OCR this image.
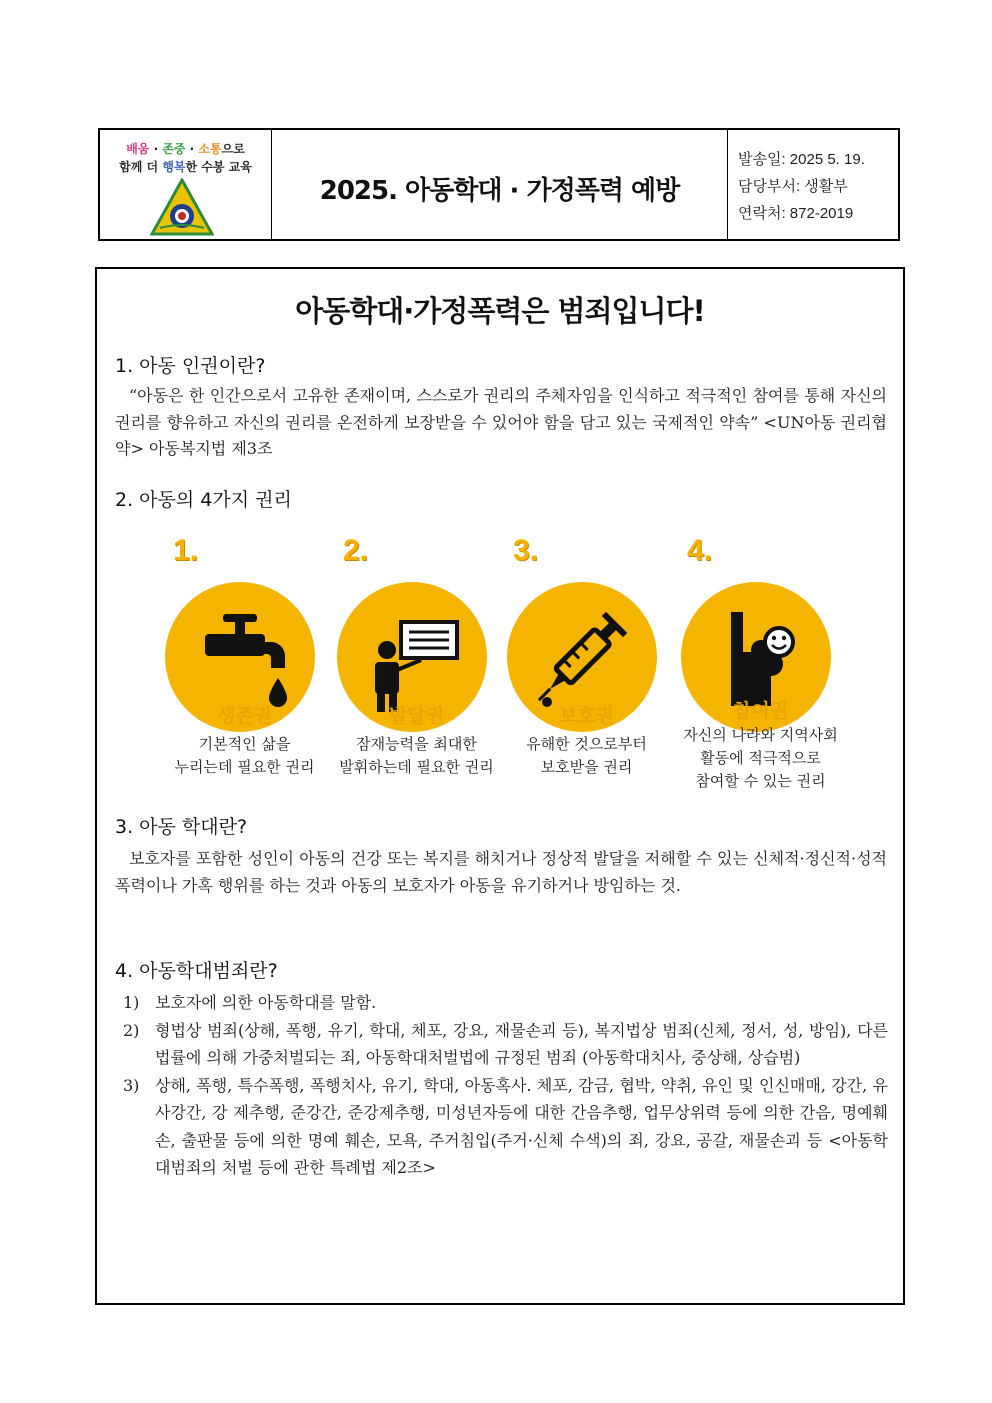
배움 · 존중 · 소통으로
함께 더 행복한 수봉 교육
2025. 아동학대 · 가정폭력 예방
발송일: 2025 5. 19.
담당부서: 생활부
연락처: 872-2019
아동학대·가정폭력은 범죄입니다!
1. 아동 인권이란?
“아동은 한 인간으로서 고유한 존재이며, 스스로가 권리의 주체자임을 인식하고 적극적인 참여를 통해 자신의 권리를 향유하고 자신의 권리를 온전하게 보장받을 수 있어야 함을 담고 있는 국제적인 약속” <UN아동 권리협약> 아동복지법 제3조
2. 아동의 4가지 권리
1.
생존권
기본적인 삶을
누리는데 필요한 권리
2.
발달권
잠재능력을 최대한
발휘하는데 필요한 권리
3.
보호권
유해한 것으로부터
보호받을 권리
4.
참여권
자신의 나라와 지역사회
활동에 적극적으로
참여할 수 있는 권리
3. 아동 학대란?
보호자를 포함한 성인이 아동의 건강 또는 복지를 해치거나 정상적 발달을 저해할 수 있는 신체적·정신적·성적 폭력이나 가혹 행위를 하는 것과 아동의 보호자가 아동을 유기하거나 방임하는 것.
4. 아동학대범죄란?
1) 보호자에 의한 아동학대를 말함.
2) 형법상 범죄(상해, 폭행, 유기, 학대, 체포, 강요, 재물손괴 등), 복지법상 범죄(신체, 정서, 성, 방임), 다른 법률에 의해 가중처벌되는 죄, 아동학대처벌법에 규정된 범죄 (아동학대치사, 중상해, 상습범)
3) 상해, 폭행, 특수폭행, 폭행치사, 유기, 학대, 아동혹사. 체포, 감금, 협박, 약취, 유인 및 인신매매, 강간, 유사강간, 강 제추행, 준강간, 준강제추행, 미성년자등에 대한 간음추행, 업무상위력 등에 의한 간음, 명예훼손, 출판물 등에 의한 명예 훼손, 모욕, 주거침입(주거·신체 수색)의 죄, 강요, 공갈, 재물손괴 등 <아동학대범죄의 처벌 등에 관한 특례법 제2조>
